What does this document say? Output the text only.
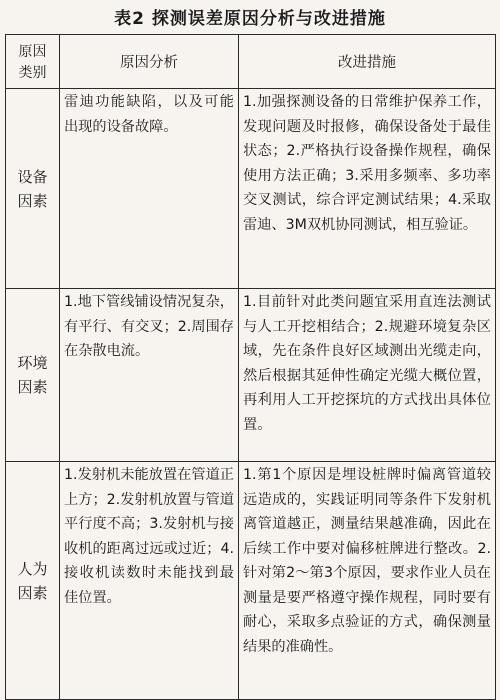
表2 探测误差原因分析与改进措施
原因
类别	原因分析	改进措施

设备
因素	雷迪功能缺陷，以及可能出现的设备故障。	1.加强探测设备的日常维护保养工作，发现问题及时报修，确保设备处于最佳状态；2.严格执行设备操作规程，确保使用方法正确；3.采用多频率、多功率交叉测试，综合评定测试结果；4.采取雷迪、3M双机协同测试，相互验证。

环境
因素	1.地下管线铺设情况复杂，有平行、有交叉；2.周围存在杂散电流。	1.目前针对此类问题宜采用直连法测试与人工开挖相结合；2.规避环境复杂区域，先在条件良好区域测出光缆走向，然后根据其延伸性确定光缆大概位置，再利用人工开挖探坑的方式找出具体位置。

人为
因素	1.发射机未能放置在管道正上方；2.发射机放置与管道平行度不高；3.发射机与接收机的距离过远或过近；4.接收机读数时未能找到最佳位置。	1.第1个原因是埋设桩牌时偏离管道较远造成的，实践证明同等条件下发射机离管道越正，测量结果越准确，因此在后续工作中要对偏移桩牌进行整改。2.针对第2～第3个原因，要求作业人员在测量是要严格遵守操作规程，同时要有耐心，采取多点验证的方式，确保测量结果的准确性。
